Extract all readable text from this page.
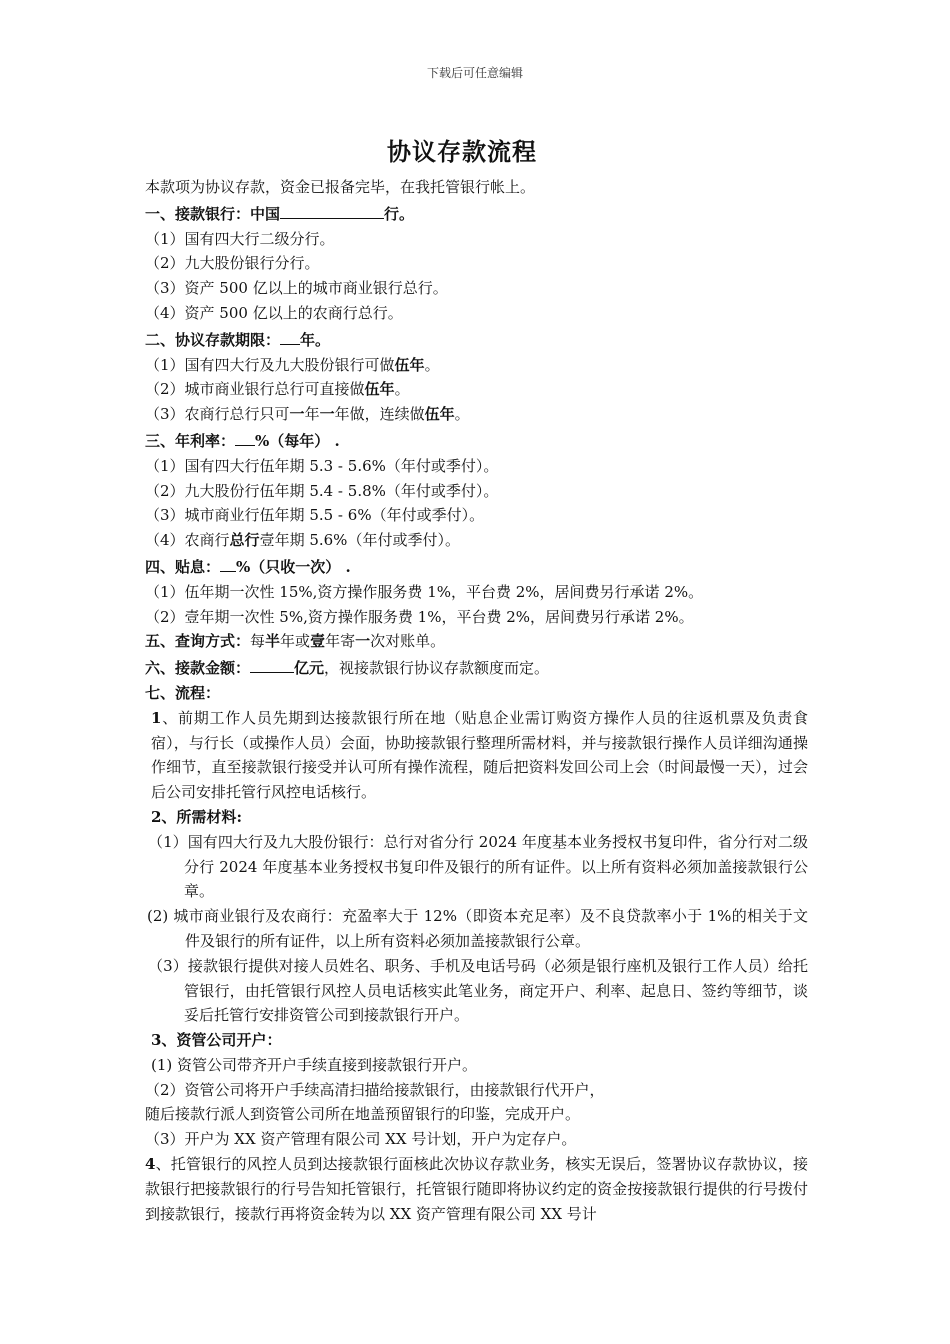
下载后可任意编辑
协议存款流程
本款项为协议存款，资金已报备完毕，在我托管银行帐上。
一、接款银行：中国	行。
（1）国有四大行二级分行。
（2）九大股份银行分行。
（3）资产 500 亿以上的城市商业银行总行。
（4）资产 500 亿以上的农商行总行。
二、协议存款期限： 年。
（1）国有四大行及九大股份银行可做伍年。
（2）城市商业银行总行可直接做伍年。
（3）农商行总行只可一年一年做，连续做伍年。
三、年利率： %（每年） .
（1）国有四大行伍年期 5.3 - 5.6%（年付或季付）。
（2）九大股份行伍年期 5.4 - 5.8%（年付或季付）。
（3）城市商业行伍年期 5.5 - 6%（年付或季付）。
（4）农商行总行壹年期 5.6%（年付或季付）。
四、贴息： %（只收一次） .
（1）伍年期一次性 15%,资方操作服务费 1%，平台费 2%，居间费另行承诺 2%。
（2）壹年期一次性 5%,资方操作服务费 1%，平台费 2%，居间费另行承诺 2%。
五、查询方式：每半年或壹年寄一次对账单。
六、接款金额：	亿元，视接款银行协议存款额度而定。
七、流程：
1、前期工作人员先期到达接款银行所在地（贴息企业需订购资方操作人员的往返机票及负责食宿），与行长（或操作人员）会面，协助接款银行整理所需材料，并与接款银行操作人员详细沟通操作细节，直至接款银行接受并认可所有操作流程，随后把资料发回公司上会（时间最慢一天），过会后公司安排托管行风控电话核行。
2、所需材料:
（1）国有四大行及九大股份银行：总行对省分行 2024 年度基本业务授权书复印件，省分行对二级分行 2024 年度基本业务授权书复印件及银行的所有证件。以上所有资料必须加盖接款银行公章。
(2) 城市商业银行及农商行：充盈率大于 12%（即资本充足率）及不良贷款率小于 1%的相关于文件及银行的所有证件，以上所有资料必须加盖接款银行公章。
（3）接款银行提供对接人员姓名、职务、手机及电话号码（必须是银行座机及银行工作人员）给托管银行，由托管银行风控人员电话核实此笔业务，商定开户、利率、起息日、签约等细节，谈妥后托管行安排资管公司到接款银行开户。
3、资管公司开户：
(1) 资管公司带齐开户手续直接到接款银行开户。
（2）资管公司将开户手续高清扫描给接款银行，由接款银行代开户，
随后接款行派人到资管公司所在地盖预留银行的印鉴，完成开户。
（3）开户为 XX 资产管理有限公司 XX 号计划，开户为定存户。
4、托管银行的风控人员到达接款银行面核此次协议存款业务，核实无误后，签署协议存款协议，接款银行把接款银行的行号告知托管银行，托管银行随即将协议约定的资金按接款银行提供的行号拨付到接款银行，接款行再将资金转为以 XX 资产管理有限公司 XX 号计
